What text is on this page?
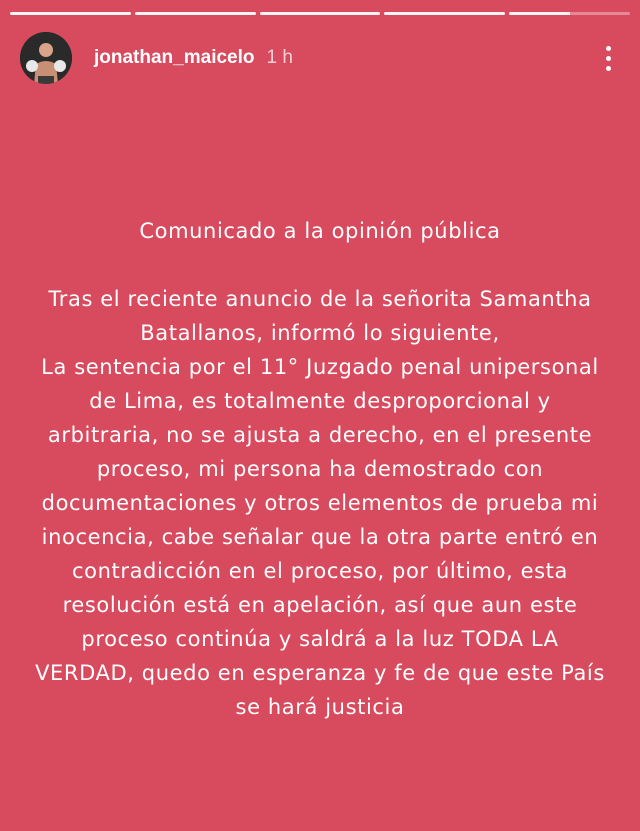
jonathan_maicelo 1 h
Comunicado a la opinión pública
Tras el reciente anuncio de la señorita Samantha
Batallanos, informó lo siguiente,
La sentencia por el 11° Juzgado penal unipersonal
de Lima, es totalmente desproporcional y
arbitraria, no se ajusta a derecho, en el presente
proceso, mi persona ha demostrado con
documentaciones y otros elementos de prueba mi
inocencia, cabe señalar que la otra parte entró en
contradicción en el proceso, por último, esta
resolución está en apelación, así que aun este
proceso continúa y saldrá a la luz TODA LA
VERDAD, quedo en esperanza y fe de que este País
se hará justicia
